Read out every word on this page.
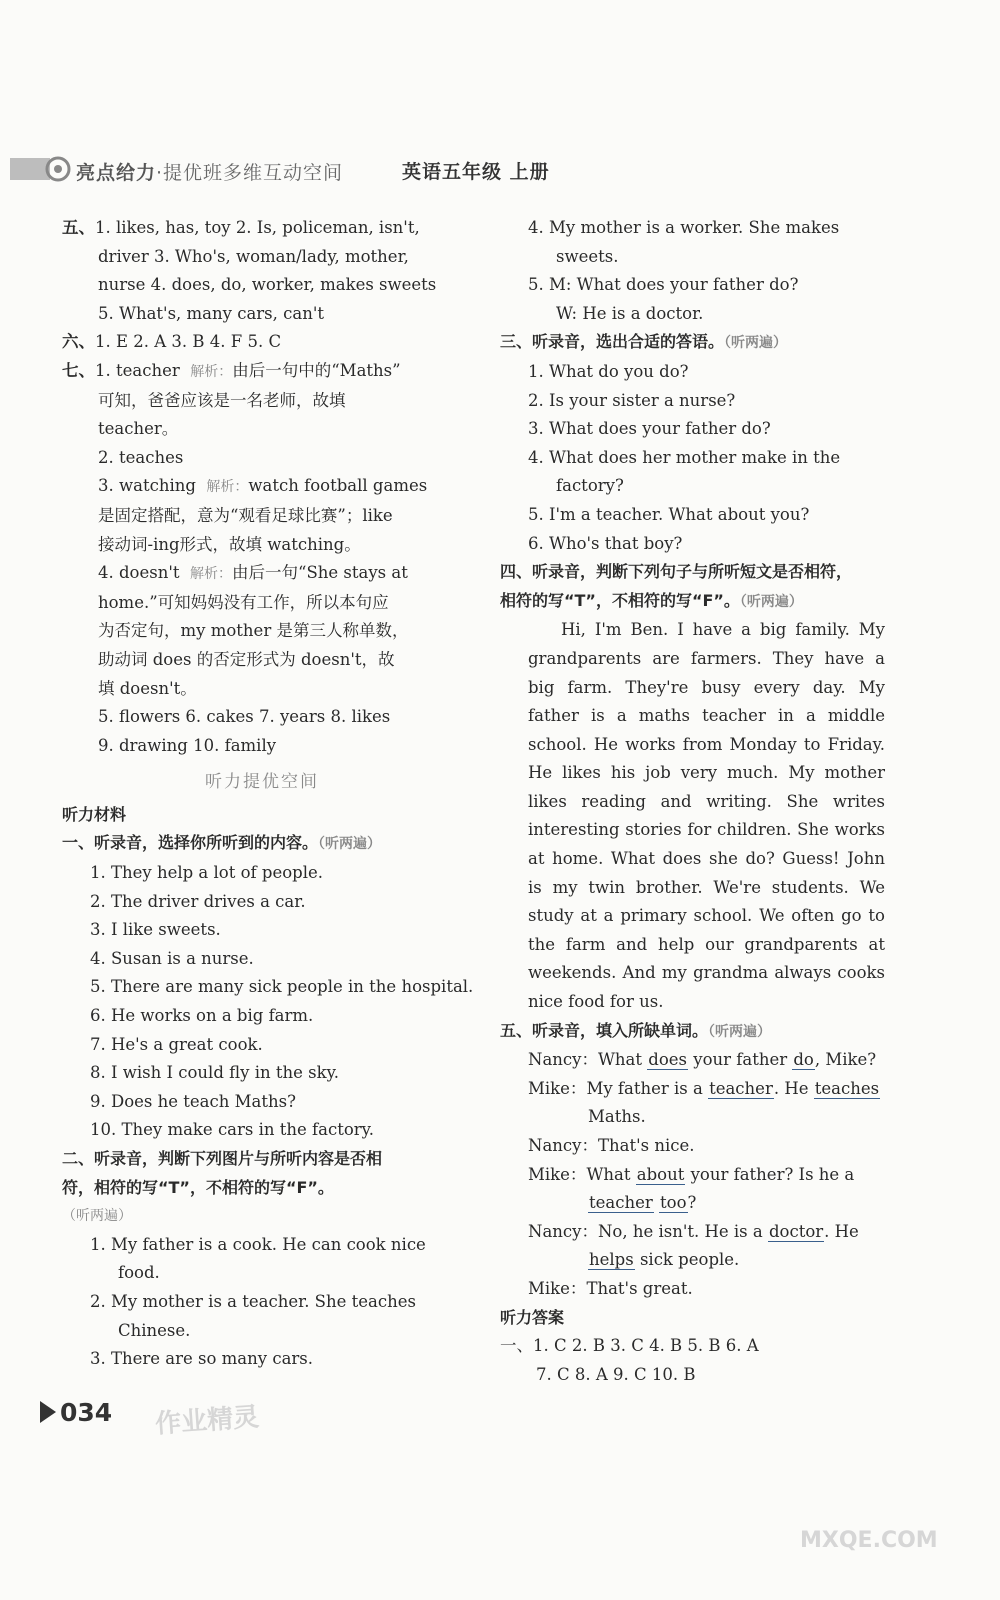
亮点给力·提优班多维互动空间	英语五年级 上册
五、1. likes, has, toy 2. Is, policeman, isn't,
driver 3. Who's, woman/lady, mother,
nurse 4. does, do, worker, makes sweets
5. What's, many cars, can't
六、1. E 2. A 3. B 4. F 5. C
七、1. teacher 解析：由后一句中的“Maths”
可知，爸爸应该是一名老师，故填
teacher。
2. teaches
3. watching 解析：watch football games
是固定搭配，意为“观看足球比赛”；like
接动词-ing形式，故填 watching。
4. doesn't 解析：由后一句“She stays at
home.”可知妈妈没有工作，所以本句应
为否定句，my mother 是第三人称单数，
助动词 does 的否定形式为 doesn't，故
填 doesn't。
5. flowers 6. cakes 7. years 8. likes
9. drawing 10. family
听力提优空间
听力材料
一、听录音，选择你所听到的内容。（听两遍）
1. They help a lot of people.
2. The driver drives a car.
3. I like sweets.
4. Susan is a nurse.
5. There are many sick people in the hospital.
6. He works on a big farm.
7. He's a great cook.
8. I wish I could fly in the sky.
9. Does he teach Maths?
10. They make cars in the factory.
二、听录音，判断下列图片与所听内容是否相
符，相符的写“T”，不相符的写“F”。
（听两遍）
1. My father is a cook. He can cook nice
food.
2. My mother is a teacher. She teaches
Chinese.
3. There are so many cars.
4. My mother is a worker. She makes
sweets.
5. M: What does your father do?
W: He is a doctor.
三、听录音，选出合适的答语。（听两遍）
1. What do you do?
2. Is your sister a nurse?
3. What does your father do?
4. What does her mother make in the
factory?
5. I'm a teacher. What about you?
6. Who's that boy?
四、听录音，判断下列句子与所听短文是否相符，
相符的写“T”，不相符的写“F”。（听两遍）
Hi, I'm Ben. I have a big family. My grandparents are farmers. They have a big farm. They're busy every day. My father is a maths teacher in a middle school. He works from Monday to Friday. He likes his job very much. My mother likes reading and writing. She writes interesting stories for children. She works at home. What does she do? Guess! John is my twin brother. We're students. We study at a primary school. We often go to the farm and help our grandparents at weekends. And my grandma always cooks nice food for us.
五、听录音，填入所缺单词。（听两遍）
Nancy：What does your father do, Mike?
Mike：My father is a teacher. He teaches
Maths.
Nancy：That's nice.
Mike：What about your father? Is he a
teacher too?
Nancy：No, he isn't. He is a doctor. He
helps sick people.
Mike：That's great.
听力答案
一、1. C 2. B 3. C 4. B 5. B 6. A
7. C 8. A 9. C 10. B
034 作业精灵
MXQE.COM
